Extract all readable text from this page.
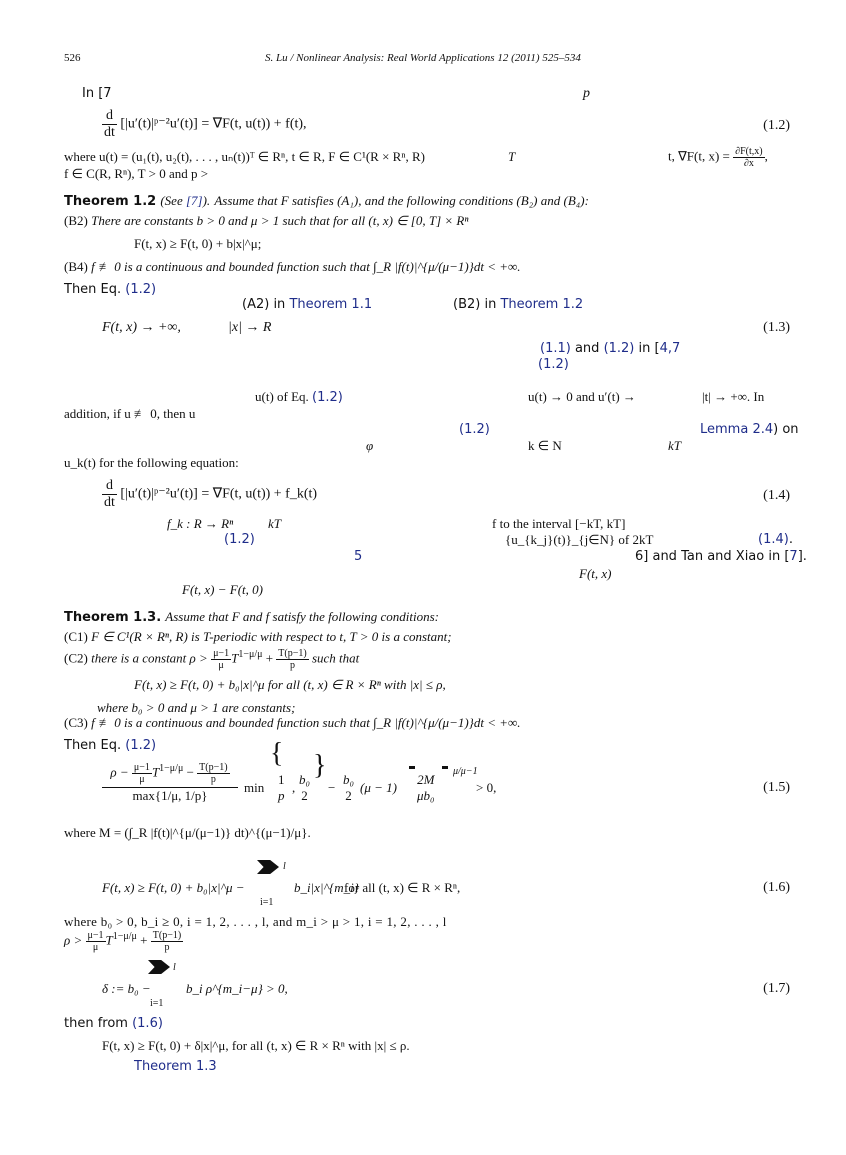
526	S. Lu / Nonlinear Analysis: Real World Applications 12 (2011) 525–534
In [7	p
$\frac{d}{dt}$ [|u′(t)|ᵖ⁻²u′(t)] = ∇F(t, u(t)) + f(t),	(1.2)
where u(t) = (u₁(t), u₂(t), . . . , uₙ(t))ᵀ ∈ Rⁿ, t ∈ R, F ∈ C¹(R × Rⁿ, R)	T	t, ∇F(t, $x) = \frac{\partial F(t,x)}{\partial x}$ ,
f ∈ C(R, Rⁿ), T > 0 and p >
Theorem 1.2 (See [7]). Assume that F satisfies (A₁), and the following conditions (B₂) and (B₄):
(B2) There are constants b > 0 and μ > 1 such that for all (t, x) ∈ [0, T] × Rⁿ
F(t, x) ≥ F(t, 0) + b|x|^μ;
(B4) f ≢ 0 is a continuous and bounded function such that ∫_R |f(t)|^{μ/(μ−1)}dt < +∞.
Then Eq. (1.2)
(A2) in Theorem 1.1	(B2) in Theorem 1.2
F(t, x) → +∞,	|x| → R	(1.3)
(1.1) and (1.2) in [4,7
(1.2)
u(t) of Eq. (1.2)	u(t) → 0 and u′(t) →	|t| → +∞. In
addition, if u ≢ 0, then u
(1.2)	Lemma 2.4) on
φ	k ∈ N	kT
u_k(t) for the following equation:
$\frac{d}{dt}$ [|u′(t)|ᵖ⁻²u′(t)] = ∇F(t, u(t)) + f_k(t)	(1.4)
f_k : R → Rⁿ	kT	f to the interval [−kT, kT]
(1.2)	{u_{k_j}(t)}_{j∈N} of 2kT	(1.4).
5	6] and Tan and Xiao in [7].
F(t, x)
F(t, x) − F(t, 0)
Theorem 1.3. Assume that F and f satisfy the following conditions:
(C1) F ∈ C¹(R × Rⁿ, R) is T-periodic with respect to t, T > 0 is a constant;
(C2) there is a constant $\rho > \frac{\mu-1}{\mu} T^{1-\mu/\mu} + \frac{T(p-1)}{p}$ such that
F(t, x) ≥ F(t, 0) + b₀|x|^μ for all (t, x) ∈ R × Rⁿ with |x| ≤ ρ,
where b₀ > 0 and μ > 1 are constants;
(C3) f ≢ 0 is a continuous and bounded function such that ∫_R |f(t)|^{μ/(μ−1)}dt < +∞.
Then Eq. (1.2)
$\rho - \frac{\mu-1}{\mu} T^{1-\mu/\mu} - \frac{T(p-1)}{p}$
max{1/μ, 1/p}
min
{ }
1
p
,
b₀
2
−
b₀
2
(μ − 1)
2M
μb₀
μ/μ−1
> 0,	(1.5)
where M = (∫_R |f(t)|^{μ/(μ−1)} dt)^{(μ−1)/μ}.
l
F(t, x) ≥ F(t, 0) + b₀|x|^μ −	b_i|x|^{m_i}
for all (t, x) ∈ R × Rⁿ,
i=1
(1.6)
where b₀ > 0, b_i ≥ 0, i = 1, 2, . . . , l, and m_i > μ > 1, i = 1, 2, . . . , l
$\rho > \frac{\mu-1}{\mu} T^{1-\mu/\mu} + \frac{T(p-1)}{p}$
l
δ := b₀ −	b_i ρ^{m_i−μ} > 0,
i=1
(1.7)
then from (1.6)
F(t, x) ≥ F(t, 0) + δ|x|^μ, for all (t, x) ∈ R × Rⁿ with |x| ≤ ρ.
Theorem 1.3
